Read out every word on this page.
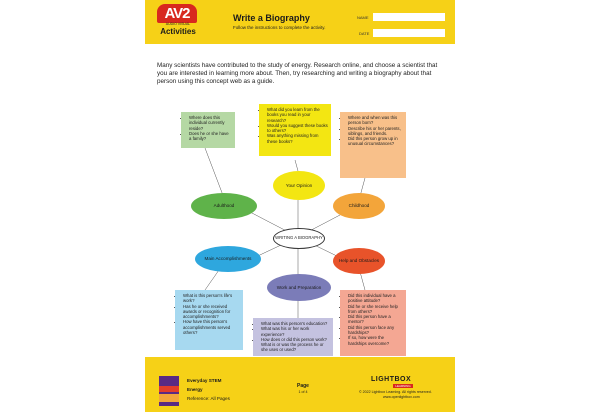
AV2
AUDIO VISUAL
Activities
Write a Biography
Follow the instructions to complete the activity.
NAME
DATE
Many scientists have contributed to the study of energy. Research online, and choose a scientist that you are interested in learning more about. Then, try researching and writing a biography about that person using this concept web as a guide.
• Where does this individual currently reside?
• Does he or she have a family?
• What did you learn from the books you read in your research?
• Would you suggest these books to others?
• Was anything missing from these books?
• Where and when was this person born?
• Describe his or her parents, siblings, and friends.
• Did this person grow up in unusual circumstances?
Your Opinion
Childhood
Adulthood
WRITING A BIOGRAPHY
Main Accomplishments	Help and Obstacles
Work and Preparation
• What is this person's life's work?
• Has he or she received awards or recognition for accomplishments?
• How have this person's accomplishments served others?
• What was this person's education?
• What was his or her work experience?
• How does or did this person work? What is or was the process he or she uses or used?
• Did this individual have a positive attitude?
• Did he or she receive help from others?
• Did this person have a mentor?
• Did this person face any hardships?
• If so, how were the hardships overcome?
Everyday STEM
Energy
Reference: All Pages
Page
1 of 4
LIGHTBOX
LEARNING
© 2022 Lightbox Learning. All rights reserved.
www.openlightbox.com
